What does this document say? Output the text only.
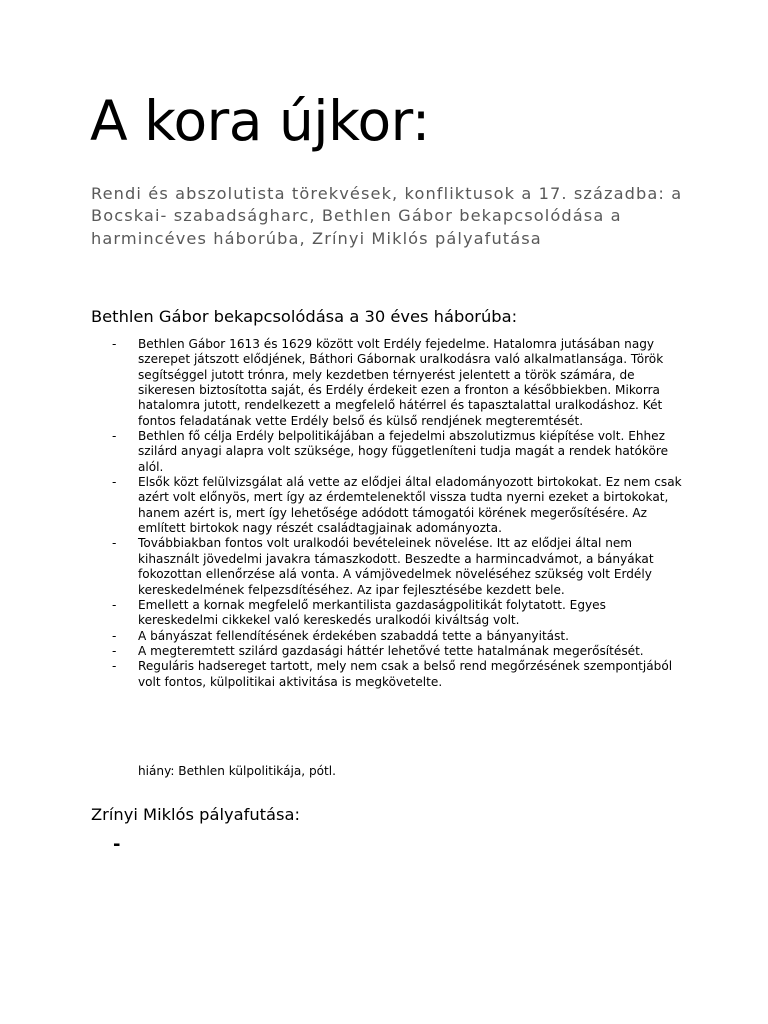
A kora újkor:

Rendi és abszolutista törekvések, konfliktusok a 17. századba: a Bocskai- szabadságharc, Bethlen Gábor bekapcsolódása a harmincéves háborúba, Zrínyi Miklós pályafutása

Bethlen Gábor bekapcsolódása a 30 éves háborúba:
- Bethlen Gábor 1613 és 1629 között volt Erdély fejedelme. Hatalomra jutásában nagy szerepet játszott elődjének, Báthori Gábornak uralkodásra való alkalmatlansága. Török segítséggel jutott trónra, mely kezdetben térnyerést jelentett a török számára, de sikeresen biztosította saját, és Erdély érdekeit ezen a fronton a későbbiekben. Mikorra hatalomra jutott, rendelkezett a megfelelő hátérrel és tapasztalattal uralkodáshoz. Két fontos feladatának vette Erdély belső és külső rendjének megteremtését.
- Bethlen fő célja Erdély belpolitikájában a fejedelmi abszolutizmus kiépítése volt. Ehhez szilárd anyagi alapra volt szüksége, hogy függetleníteni tudja magát a rendek hatóköre alól.
- Elsők közt felülvizsgálat alá vette az elődjei által eladományozott birtokokat. Ez nem csak azért volt előnyös, mert így az érdemtelenektől vissza tudta nyerni ezeket a birtokokat, hanem azért is, mert így lehetősége adódott támogatói körének megerősítésére. Az említett birtokok nagy részét családtagjainak adományozta.
- Továbbiakban fontos volt uralkodói bevételeinek növelése. Itt az elődjei által nem kihasznált jövedelmi javakra támaszkodott. Beszedte a harmincadvámot, a bányákat fokozottan ellenőrzése alá vonta. A vámjövedelmek növeléséhez szükség volt Erdély kereskedelmének felpezsdítéséhez. Az ipar fejlesztésébe kezdett bele.
- Emellett a kornak megfelelő merkantilista gazdaságpolitikát folytatott. Egyes kereskedelmi cikkekel való kereskedés uralkodói kiváltság volt.
- A bányászat fellendítésének érdekében szabaddá tette a bányanyitást.
- A megteremtett szilárd gazdasági háttér lehetővé tette hatalmának megerősítését.
- Reguláris hadsereget tartott, mely nem csak a belső rend megőrzésének szempontjából volt fontos, külpolitikai aktivitása is megkövetelte.

hiány: Bethlen külpolitikája, pótl.

Zrínyi Miklós pályafutása:
-
